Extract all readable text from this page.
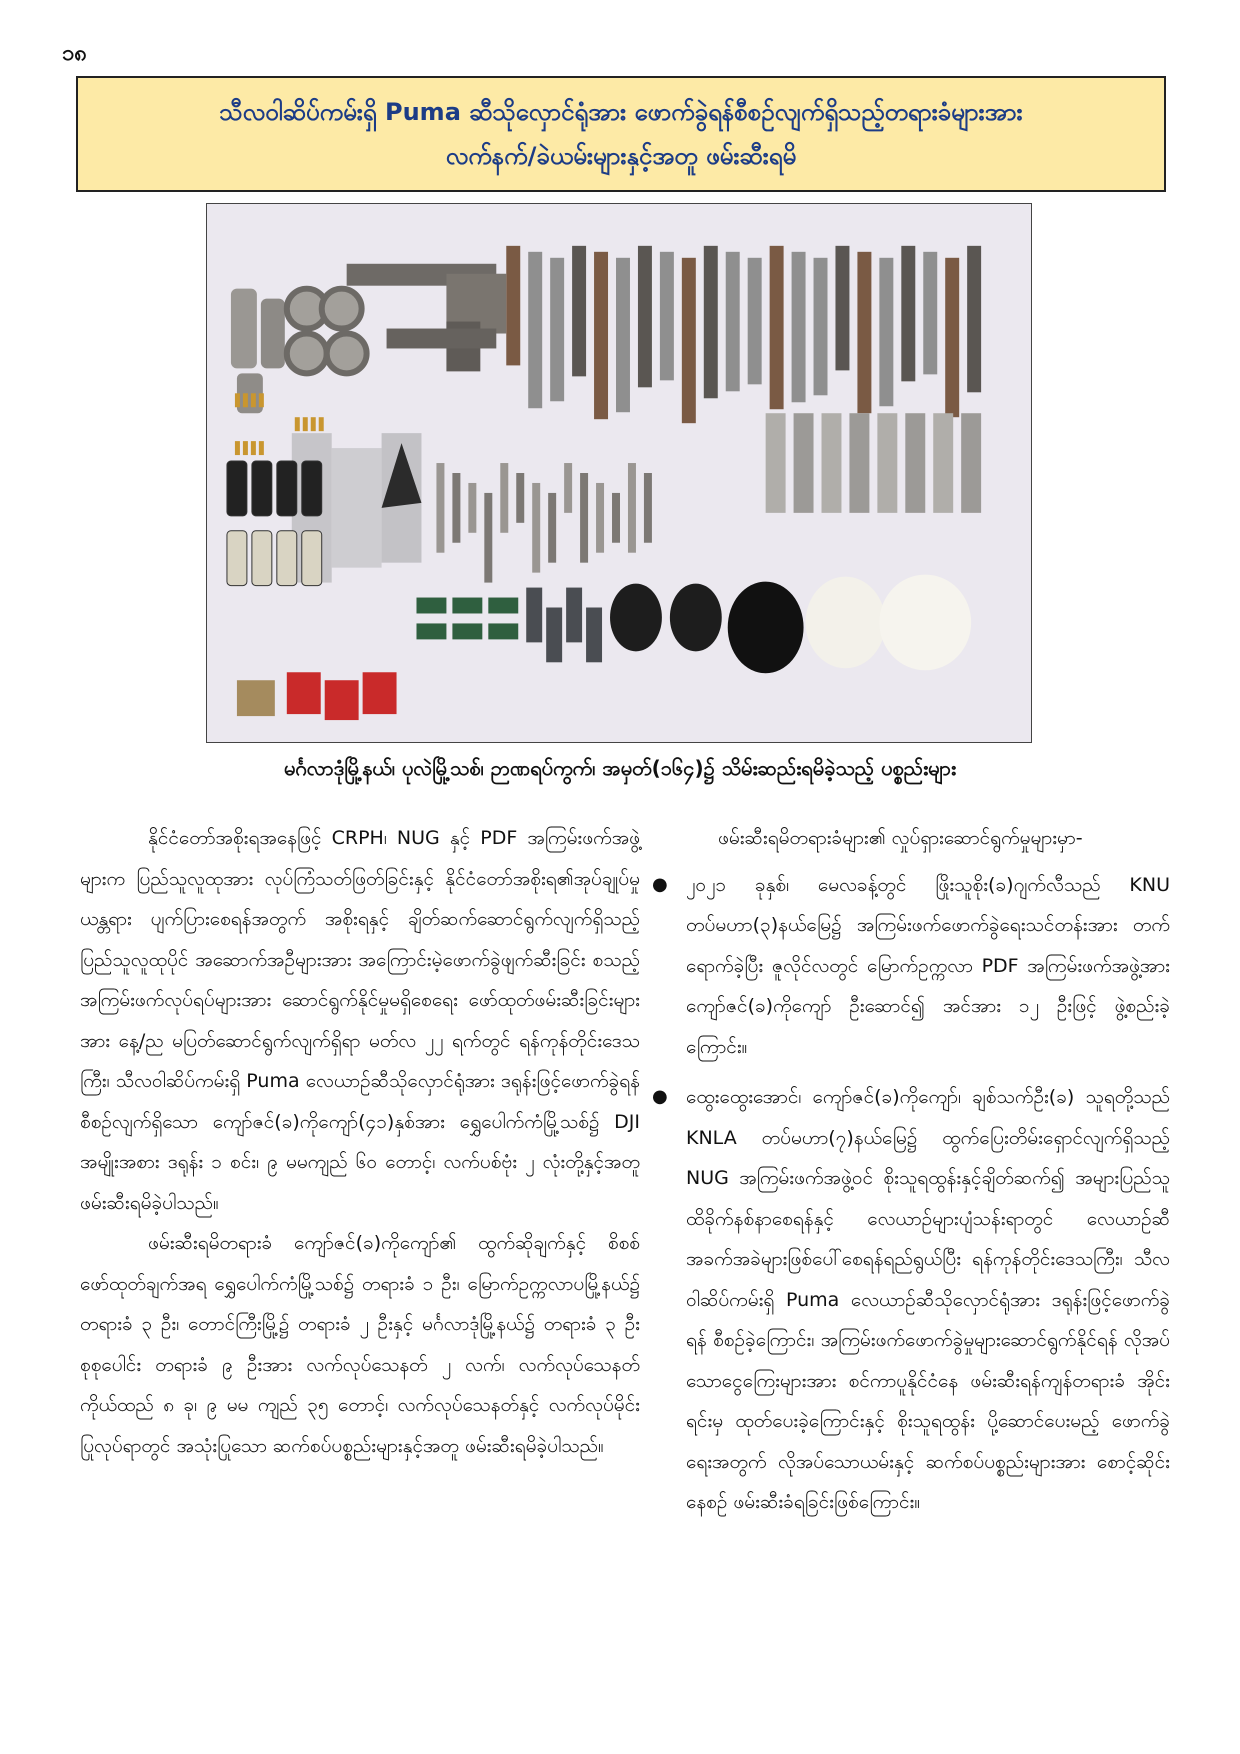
၁၈
သီလဝါဆိပ်ကမ်းရှိ Puma ဆီသိုလှောင်ရုံအား ဖောက်ခွဲရန်စီစဉ်လျက်ရှိသည့်တရားခံများအား
လက်နက်/ခဲယမ်းများနှင့်အတူ ဖမ်းဆီးရမိ
မင်္ဂလာဒုံမြို့နယ်၊ ပုလဲမြို့သစ်၊ ဉာဏရပ်ကွက်၊ အမှတ်(၁၆၄)၌ သိမ်းဆည်းရမိခဲ့သည့် ပစ္စည်းများ

နိုင်ငံတော်အစိုးရအနေဖြင့် CRPH၊ NUG နှင့် PDF အကြမ်းဖက်အဖွဲ့များက ပြည်သူလူထုအား လုပ်ကြံသတ်ဖြတ်ခြင်းနှင့် နိုင်ငံတော်အစိုးရ၏အုပ်ချုပ်မှုယန္တရား ပျက်ပြားစေရန်အတွက် အစိုးရနှင့် ချိတ်ဆက်ဆောင်ရွက်လျက်ရှိသည့် ပြည်သူလူထုပိုင် အဆောက်အဦများအား အကြောင်းမဲ့ဖောက်ခွဲဖျက်ဆီးခြင်း စသည့် အကြမ်းဖက်လုပ်ရပ်များအား ဆောင်ရွက်နိုင်မှုမရှိစေရေး ဖော်ထုတ်ဖမ်းဆီးခြင်းများအား နေ့/ည မပြတ်ဆောင်ရွက်လျက်ရှိရာ မတ်လ ၂၂ ရက်တွင် ရန်ကုန်တိုင်းဒေသကြီး၊ သီလဝါဆိပ်ကမ်းရှိ Puma လေယာဉ်ဆီသိုလှောင်ရုံအား ဒရုန်းဖြင့်ဖောက်ခွဲရန်စီစဉ်လျက်ရှိသော ကျော်ဇင်(ခ)ကိုကျော်(၄၁)နှစ်အား ရွှေပေါက်ကံမြို့သစ်၌ DJI အမျိုးအစား ဒရုန်း ၁ စင်း၊ ၉ မမကျည် ၆၀ တောင့်၊ လက်ပစ်ဗုံး ၂ လုံးတို့နှင့်အတူ ဖမ်းဆီးရမိခဲ့ပါသည်။

ဖမ်းဆီးရမိတရားခံ ကျော်ဇင်(ခ)ကိုကျော်၏ ထွက်ဆိုချက်နှင့် စိစစ်ဖော်ထုတ်ချက်အရ ရွှေပေါက်ကံမြို့သစ်၌ တရားခံ ၁ ဦး၊ မြောက်ဥက္ကလာပမြို့နယ်၌ တရားခံ ၃ ဦး၊ တောင်ကြီးမြို့၌ တရားခံ ၂ ဦးနှင့် မင်္ဂလာဒုံမြို့နယ်၌ တရားခံ ၃ ဦး စုစုပေါင်း တရားခံ ၉ ဦးအား လက်လုပ်သေနတ် ၂ လက်၊ လက်လုပ်သေနတ်ကိုယ်ထည် ၈ ခု၊ ၉ မမ ကျည် ၃၅ တောင့်၊ လက်လုပ်သေနတ်နှင့် လက်လုပ်မိုင်းပြုလုပ်ရာတွင် အသုံးပြုသော ဆက်စပ်ပစ္စည်းများနှင့်အတူ ဖမ်းဆီးရမိခဲ့ပါသည်။

ဖမ်းဆီးရမိတရားခံများ၏ လှုပ်ရှားဆောင်ရွက်မှုများမှာ-

● ၂၀၂၁ ခုနှစ်၊ မေလခန့်တွင် ဖြိုးသူစိုး(ခ)ဂျက်လီသည် KNU တပ်မဟာ(၃)နယ်မြေ၌ အကြမ်းဖက်ဖောက်ခွဲရေးသင်တန်းအား တက်ရောက်ခဲ့ပြီး ဇူလိုင်လတွင် မြောက်ဥက္ကလာ PDF အကြမ်းဖက်အဖွဲ့အား ကျော်ဇင်(ခ)ကိုကျော် ဦးဆောင်၍ အင်အား ၁၂ ဦးဖြင့် ဖွဲ့စည်းခဲ့ကြောင်း။
● ထွေးထွေးအောင်၊ ကျော်ဇင်(ခ)ကိုကျော်၊ ချစ်သက်ဦး(ခ) သူရတို့သည် KNLA တပ်မဟာ(၇)နယ်မြေ၌ ထွက်ပြေးတိမ်းရှောင်လျက်ရှိသည့် NUG အကြမ်းဖက်အဖွဲ့ဝင် စိုးသူရထွန်းနှင့်ချိတ်ဆက်၍ အများပြည်သူထိခိုက်နစ်နာစေရန်နှင့် လေယာဉ်များပျံသန်းရာတွင် လေယာဉ်ဆီအခက်အခဲများဖြစ်ပေါ်စေရန်ရည်ရွယ်ပြီး ရန်ကုန်တိုင်းဒေသကြီး၊ သီလဝါဆိပ်ကမ်းရှိ Puma လေယာဉ်ဆီသိုလှောင်ရုံအား ဒရုန်းဖြင့်ဖောက်ခွဲရန် စီစဉ်ခဲ့ကြောင်း၊ အကြမ်းဖက်ဖောက်ခွဲမှုများဆောင်ရွက်နိုင်ရန် လိုအပ်သောငွေကြေးများအား စင်ကာပူနိုင်ငံနေ ဖမ်းဆီးရန်ကျန်တရားခံ အိုင်းရင်းမှ ထုတ်ပေးခဲ့ကြောင်းနှင့် စိုးသူရထွန်း ပို့ဆောင်ပေးမည့် ဖောက်ခွဲရေးအတွက် လိုအပ်သောယမ်းနှင့် ဆက်စပ်ပစ္စည်းများအား စောင့်ဆိုင်းနေစဉ် ဖမ်းဆီးခံရခြင်းဖြစ်ကြောင်း။
